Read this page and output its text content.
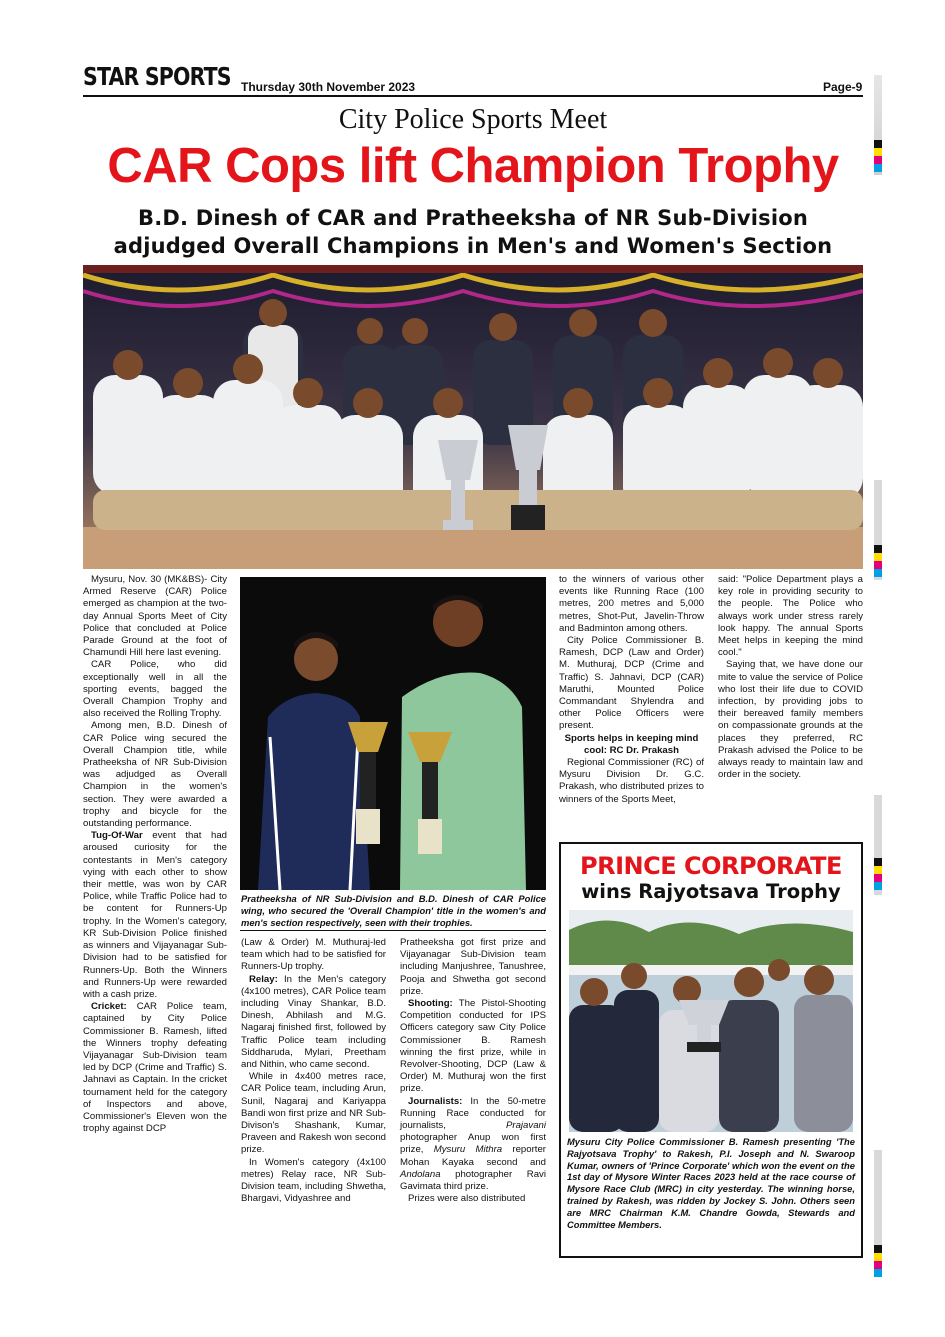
STAR SPORTS Thursday 30th November 2023	Page-9
City Police Sports Meet
CAR Cops lift Champion Trophy
B.D. Dinesh of CAR and Pratheeksha of NR Sub-Division
adjudged Overall Champions in Men's and Women's Section

Mysuru, Nov. 30 (MK&BS)- City Armed Reserve (CAR) Police emerged as champion at the two-day Annual Sports Meet of City Police that concluded at Police Parade Ground at the foot of Chamundi Hill here last evening.

CAR Police, who did exceptionally well in all the sporting events, bagged the Overall Champion Trophy and also received the Rolling Trophy.

Among men, B.D. Dinesh of CAR Police wing secured the Overall Champion title, while Pratheeksha of NR Sub-Division was adjudged as Overall Champion in the women's section. They were awarded a trophy and bicycle for the outstanding performance.

Tug-Of-War event that had aroused curiosity for the contestants in Men's category vying with each other to show their mettle, was won by CAR Police, while Traffic Police had to be content for Runners-Up trophy. In the Women's category, KR Sub-Division Police finished as winners and Vijayanagar Sub-Division had to be satisfied for Runners-Up. Both the Winners and Runners-Up were rewarded with a cash prize.

Cricket: CAR Police team, captained by City Police Commissioner B. Ramesh, lifted the Winners trophy defeating Vijayanagar Sub-Division team led by DCP (Crime and Traffic) S. Jahnavi as Captain. In the cricket tournament held for the category of Inspectors and above, Commissioner's Eleven won the trophy against DCP

Pratheeksha of NR Sub-Division and B.D. Dinesh of CAR Police wing, who secured the 'Overall Champion' title in the women's and men's section respectively, seen with their trophies.

(Law & Order) M. Muthuraj-led team which had to be satisfied for Runners-Up trophy.

Relay: In the Men's category (4x100 metres), CAR Police team including Vinay Shankar, B.D. Dinesh, Abhilash and M.G. Nagaraj finished first, followed by Traffic Police team including Siddharuda, Mylari, Preetham and Nithin, who came second.

While in 4x400 metres race, CAR Police team, including Arun, Sunil, Nagaraj and Kariyappa Bandi won first prize and NR Sub-Divison's Shashank, Kumar, Praveen and Rakesh won second prize.

In Women's category (4x100 metres) Relay race, NR Sub-Division team, including Shwetha, Bhargavi, Vidyashree and

Pratheeksha got first prize and Vijayanagar Sub-Division team including Manjushree, Tanushree, Pooja and Shwetha got second prize.

Shooting: The Pistol-Shooting Competition conducted for IPS Officers category saw City Police Commissioner B. Ramesh winning the first prize, while in Revolver-Shooting, DCP (Law & Order) M. Muthuraj won the first prize.

Journalists: In the 50-metre Running Race conducted for journalists, Prajavani photographer Anup won first prize, Mysuru Mithra reporter Mohan Kayaka second and Andolana photographer Ravi Gavimata third prize.

Prizes were also distributed

to the winners of various other events like Running Race (100 metres, 200 metres and 5,000 metres, Shot-Put, Javelin-Throw and Badminton among others.

City Police Commissioner B. Ramesh, DCP (Law and Order) M. Muthuraj, DCP (Crime and Traffic) S. Jahnavi, DCP (CAR) Maruthi, Mounted Police Commandant Shylendra and other Police Officers were present.

Sports helps in keeping mind
cool: RC Dr. Prakash

Regional Commissioner (RC) of Mysuru Division Dr. G.C. Prakash, who distributed prizes to winners of the Sports Meet,

said: "Police Department plays a key role in providing security to the people. The Police who always work under stress rarely look happy. The annual Sports Meet helps in keeping the mind cool."

Saying that, we have done our mite to value the service of Police who lost their life due to COVID infection, by providing jobs to their bereaved family members on compassionate grounds at the places they preferred, RC Prakash advised the Police to be always ready to maintain law and order in the society.

PRINCE CORPORATE
wins Rajyotsava Trophy
Mysuru City Police Commissioner B. Ramesh presenting 'The Rajyotsava Trophy' to Rakesh, P.I. Joseph and N. Swaroop Kumar, owners of 'Prince Corporate' which won the event on the 1st day of Mysore Winter Races 2023 held at the race course of Mysore Race Club (MRC) in city yesterday. The winning horse, trained by Rakesh, was ridden by Jockey S. John. Others seen are MRC Chairman K.M. Chandre Gowda, Stewards and Committee Members.
